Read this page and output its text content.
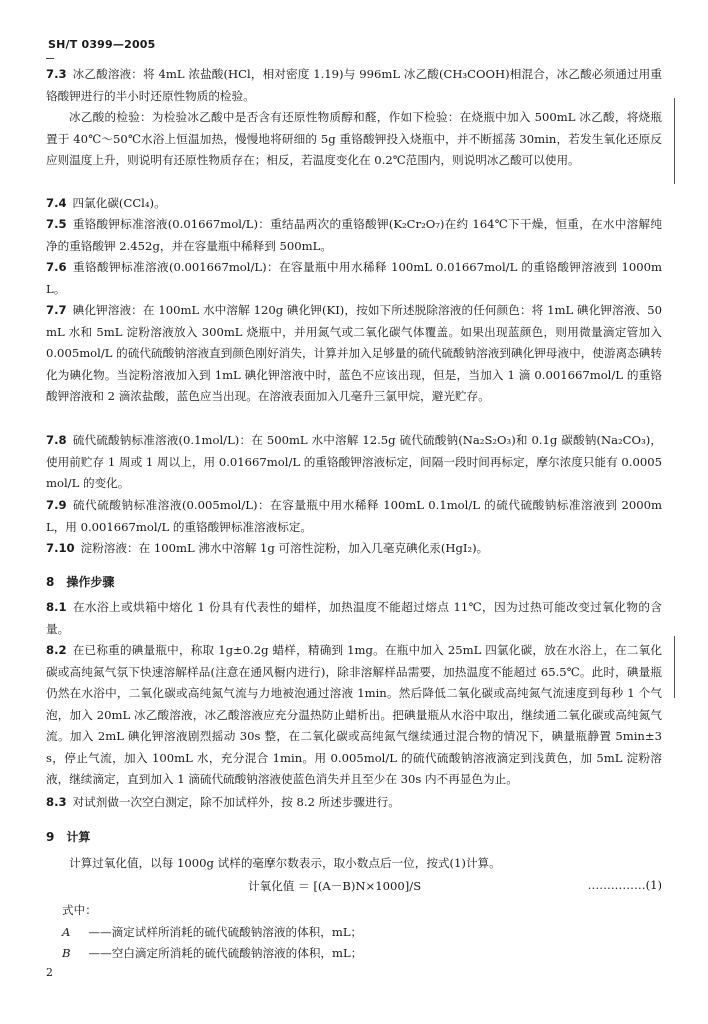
SH/T 0399—2005

7.3 冰乙酸溶液：将 4mL 浓盐酸(HCl，相对密度 1.19)与 996mL 冰乙酸(CH₃COOH)相混合，冰乙酸必须通过用重铬酸钾进行的半小时还原性物质的检验。

冰乙酸的检验：为检验冰乙酸中是否含有还原性物质醇和醛，作如下检验：在烧瓶中加入 500mL 冰乙酸，将烧瓶置于 40℃～50℃水浴上恒温加热，慢慢地将研细的 5g 重铬酸钾投入烧瓶中，并不断摇荡 30min，若发生氧化还原反应则温度上升，则说明有还原性物质存在；相反，若温度变化在 0.2℃范围内，则说明冰乙酸可以使用。

7.4 四氯化碳(CCl₄)。

7.5 重铬酸钾标准溶液(0.01667mol/L)：重结晶两次的重铬酸钾(K₂Cr₂O₇)在约 164℃下干燥，恒重，在水中溶解纯净的重铬酸钾 2.452g，并在容量瓶中稀释到 500mL。

7.6 重铬酸钾标准溶液(0.001667mol/L)：在容量瓶中用水稀释 100mL 0.01667mol/L 的重铬酸钾溶液到 1000mL。

7.7 碘化钾溶液：在 100mL 水中溶解 120g 碘化钾(KI)，按如下所述脱除溶液的任何颜色：将 1mL 碘化钾溶液、50mL 水和 5mL 淀粉溶液放入 300mL 烧瓶中，并用氮气或二氧化碳气体覆盖。如果出现蓝颜色，则用微量滴定管加入 0.005mol/L 的硫代硫酸钠溶液直到颜色刚好消失，计算并加入足够量的硫代硫酸钠溶液到碘化钾母液中，使游离态碘转化为碘化物。当淀粉溶液加入到 1mL 碘化钾溶液中时，蓝色不应该出现，但是，当加入 1 滴 0.001667mol/L 的重铬酸钾溶液和 2 滴浓盐酸，蓝色应当出现。在溶液表面加入几毫升三氯甲烷，避光贮存。

7.8 硫代硫酸钠标准溶液(0.1mol/L)：在 500mL 水中溶解 12.5g 硫代硫酸钠(Na₂S₂O₃)和 0.1g 碳酸钠(Na₂CO₃)，使用前贮存 1 周或 1 周以上，用 0.01667mol/L 的重铬酸钾溶液标定，间隔一段时间再标定，摩尔浓度只能有 0.0005 mol/L 的变化。

7.9 硫代硫酸钠标准溶液(0.005mol/L)：在容量瓶中用水稀释 100mL 0.1mol/L 的硫代硫酸钠标准溶液到 2000mL，用 0.001667mol/L 的重铬酸钾标准溶液标定。

7.10 淀粉溶液：在 100mL 沸水中溶解 1g 可溶性淀粉，加入几毫克碘化汞(HgI₂)。

8 操作步骤

8.1 在水浴上或烘箱中熔化 1 份具有代表性的蜡样，加热温度不能超过熔点 11℃，因为过热可能改变过氧化物的含量。

8.2 在已称重的碘量瓶中，称取 1g±0.2g 蜡样，精确到 1mg。在瓶中加入 25mL 四氯化碳，放在水浴上，在二氧化碳或高纯氮气氛下快速溶解样品(注意在通风橱内进行)，除非溶解样品需要，加热温度不能超过 65.5℃。此时，碘量瓶仍然在水浴中，二氧化碳或高纯氮气流与力地被泡通过溶液 1min。然后降低二氧化碳或高纯氮气流速度到每秒 1 个气泡，加入 20mL 冰乙酸溶液，冰乙酸溶液应充分温热防止蜡析出。把碘量瓶从水浴中取出，继续通二氧化碳或高纯氮气流。加入 2mL 碘化钾溶液剧烈摇动 30s 整，在二氧化碳或高纯氮气继续通过混合物的情况下，碘量瓶静置 5min±3s，停止气流，加入 100mL 水，充分混合 1min。用 0.005mol/L 的硫代硫酸钠溶液滴定到浅黄色，加 5mL 淀粉溶液，继续滴定，直到加入 1 滴硫代硫酸钠溶液使蓝色消失并且至少在 30s 内不再显色为止。

8.3 对试剂做一次空白测定，除不加试样外，按 8.2 所述步骤进行。

9 计算

计算过氧化值，以每 1000g 试样的毫摩尔数表示，取小数点后一位，按式(1)计算。

计氧化值 ＝ [(A－B)N×1000]/S	……………(1)
式中：
A ——滴定试样所消耗的硫代硫酸钠溶液的体积，mL；
B ——空白滴定所消耗的硫代硫酸钠溶液的体积，mL；
2
